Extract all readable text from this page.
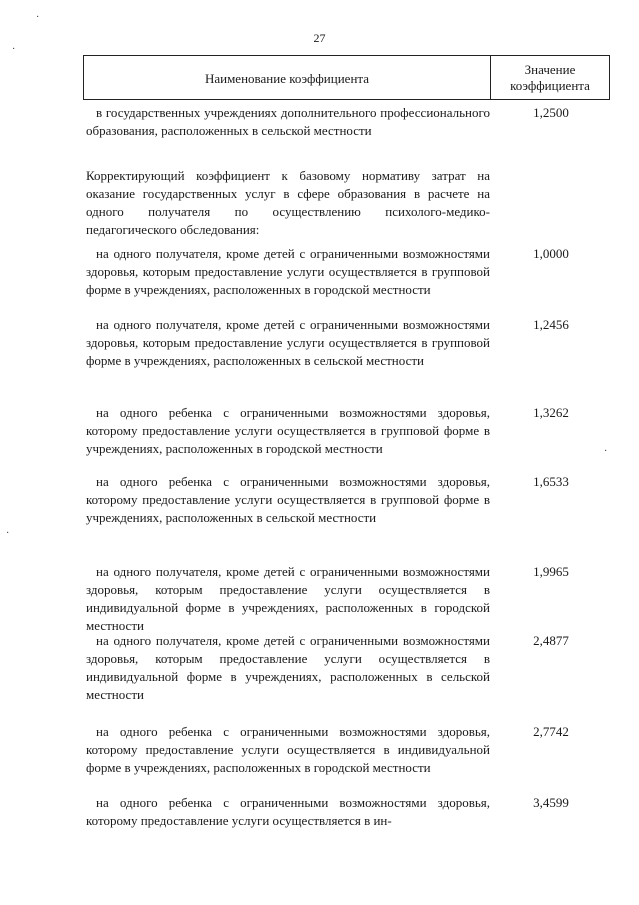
27
Наименование коэффициента
Значение
коэффициента
в государственных учреждениях дополнительного профессионального образования, расположенных в сельской местности
1,2500
Корректирующий коэффициент к базовому нормативу затрат на оказание государственных услуг в сфере образования в расчете на одного получателя по осуществлению психолого-медико-педагогического обследования:
на одного получателя, кроме детей с ограниченными возможностями здоровья, которым предоставление услуги осуществляется в групповой форме в учреждениях, расположенных в городской местности
1,0000
на одного получателя, кроме детей с ограниченными возможностями здоровья, которым предоставление услуги осуществляется в групповой форме в учреждениях, расположенных в сельской местности
1,2456
на одного ребенка с ограниченными возможностями здоровья, которому предоставление услуги осуществляется в групповой форме в учреждениях, расположенных в городской местности
1,3262
на одного ребенка с ограниченными возможностями здоровья, которому предоставление услуги осуществляется в групповой форме в учреждениях, расположенных в сельской местности
1,6533
на одного получателя, кроме детей с ограниченными возможностями здоровья, которым предоставление услуги осуществляется в индивидуальной форме в учреждениях, расположенных в городской местности
1,9965
на одного получателя, кроме детей с ограниченными возможностями здоровья, которым предоставление услуги осуществляется в индивидуальной форме в учреждениях, расположенных в сельской местности
2,4877
на одного ребенка с ограниченными возможностями здоровья, которому предоставление услуги осуществляется в индивидуальной форме в учреждениях, расположенных в городской местности
2,7742
на одного ребенка с ограниченными возможностями здоровья, которому предоставление услуги осуществляется в ин-
3,4599
·
·
·
·
